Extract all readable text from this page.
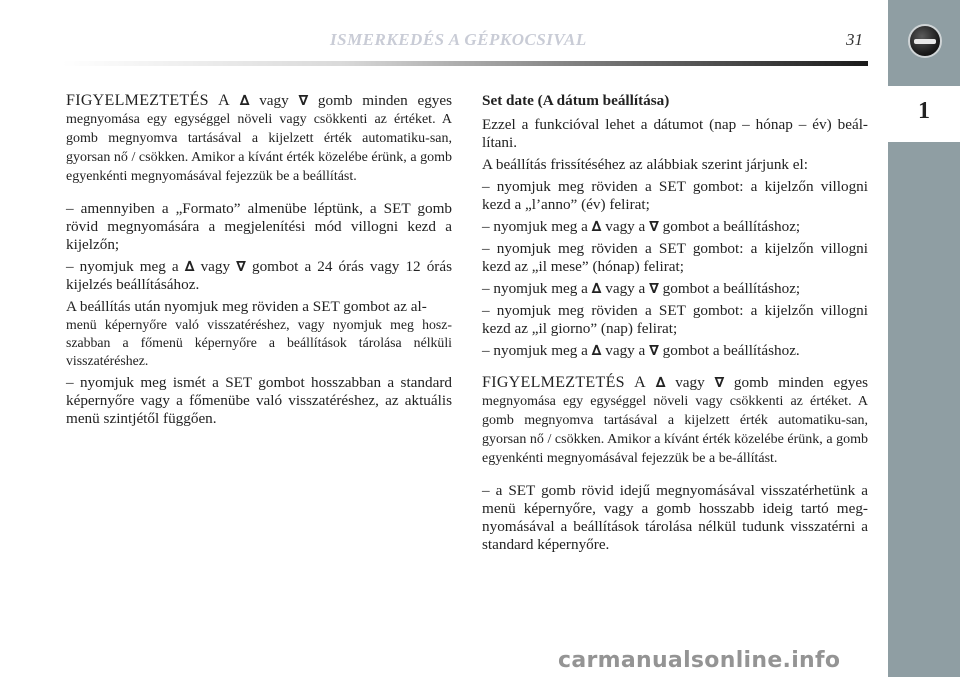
ISMERKEDÉS A GÉPKOCSIVAL	31
1

FIGYELMEZTETÉS A ∆ vagy ∇ gomb minden egyes megnyomása egy egységgel növeli vagy csökkenti az értéket. A gomb megnyomva tartásával a kijelzett érték automatiku-san, gyorsan nő / csökken. Amikor a kívánt érték közelébe érünk, a gomb egyenkénti megnyomásával fejezzük be a beállítást.

– amennyiben a „Formato” almenübe léptünk, a SET gomb rövid megnyomására a megjelenítési mód villogni kezd a kijelzőn;

– nyomjuk meg a ∆ vagy ∇ gombot a 24 órás vagy 12 órás kijelzés beállításához.

A beállítás után nyomjuk meg röviden a SET gombot az al-

menü képernyőre való visszatéréshez, vagy nyomjuk meg hosz-szabban a főmenü képernyőre a beállítások tárolása nélküli visszatéréshez.

– nyomjuk meg ismét a SET gombot hosszabban a standard képernyőre vagy a főmenübe való visszatéréshez, az aktuális menü szintjétől függően.

Set date (A dátum beállítása)

Ezzel a funkcióval lehet a dátumot (nap – hónap – év) beál-lítani.

A beállítás frissítéséhez az alábbiak szerint járjunk el:

– nyomjuk meg röviden a SET gombot: a kijelzőn villogni kezd a „l’anno” (év) felirat;

– nyomjuk meg a ∆ vagy a ∇ gombot a beállításhoz;

– nyomjuk meg röviden a SET gombot: a kijelzőn villogni kezd az „il mese” (hónap) felirat;

– nyomjuk meg a ∆ vagy a ∇ gombot a beállításhoz;

– nyomjuk meg röviden a SET gombot: a kijelzőn villogni kezd az „il giorno” (nap) felirat;

– nyomjuk meg a ∆ vagy a ∇ gombot a beállításhoz.

FIGYELMEZTETÉS A ∆ vagy ∇ gomb minden egyes megnyomása egy egységgel növeli vagy csökkenti az értéket. A gomb megnyomva tartásával a kijelzett érték automatiku-san, gyorsan nő / csökken. Amikor a kívánt érték közelébe érünk, a gomb egyenkénti megnyomásával fejezzük be a be-állítást.

– a SET gomb rövid idejű megnyomásával visszatérhetünk a menü képernyőre, vagy a gomb hosszabb ideig tartó meg-nyomásával a beállítások tárolása nélkül tudunk visszatérni a standard képernyőre.

carmanualsonline.info
